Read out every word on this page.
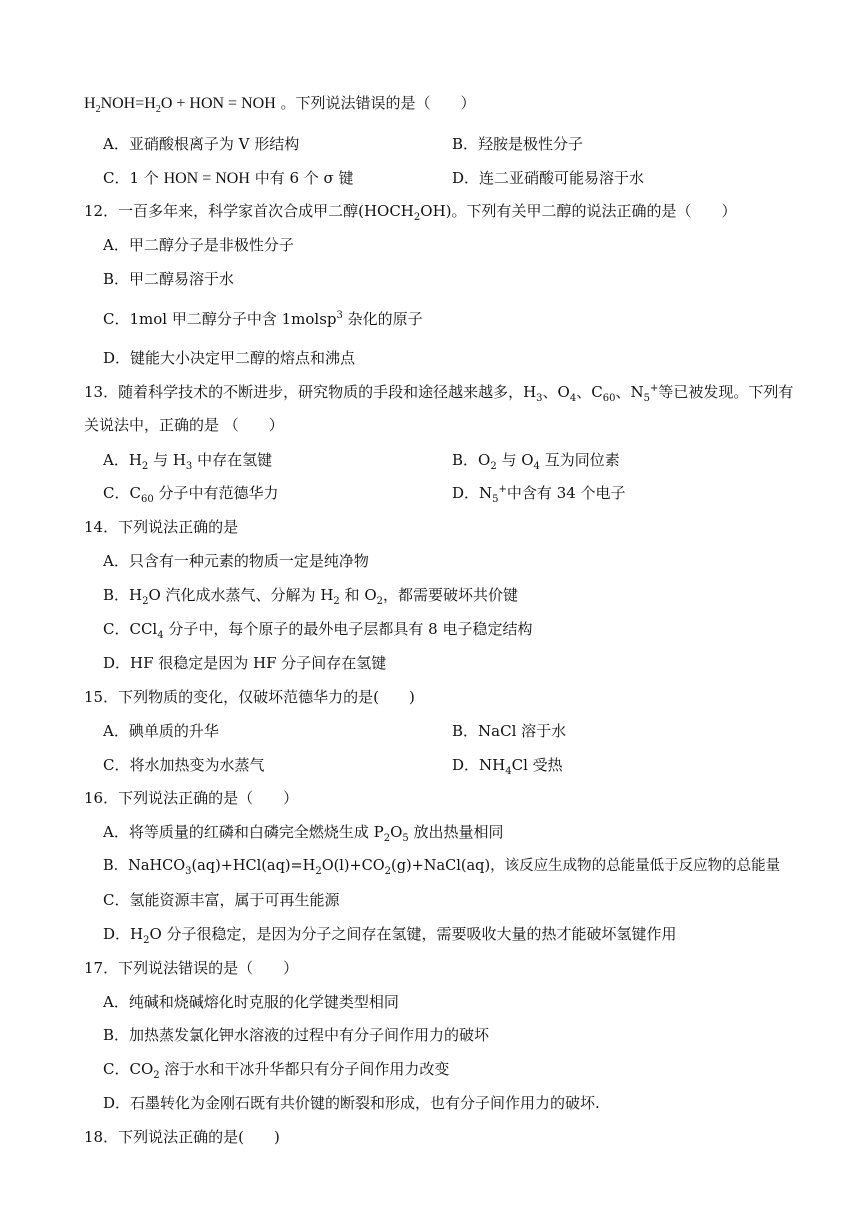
$H_2NOH=H_2O$ + HON = NOH 。下列说法错误的是（　　）
A．亚硝酸根离子为 V 形结构	B．羟胺是极性分子
C．1 个 HON = NOH 中有 6 个 σ 键	D．连二亚硝酸可能易溶于水
12．一百多年来，科学家首次合成甲二醇$(HOCH_2OH)$。下列有关甲二醇的说法正确的是（　　）
A．甲二醇分子是非极性分子
B．甲二醇易溶于水
C．1mol 甲二醇分子中含 1molsp$^3$ 杂化的原子
D．键能大小决定甲二醇的熔点和沸点
13．随着科学技术的不断进步，研究物质的手段和途径越来越多，$H_3$、$O_4$、$C_{60}$、$N_5^+$等已被发现。下列有
关说法中，正确的是 （　　）
A．$H_2$ 与 $H_3$ 中存在氢键	B．$O_2$ 与 $O_4$ 互为同位素
C．$C_{60}$ 分子中有范德华力	D．$N_5^+$中含有 34 个电子
14．下列说法正确的是
A．只含有一种元素的物质一定是纯净物
B．$H_2O$ 汽化成水蒸气、分解为 $H_2$ 和 $O_2$，都需要破坏共价键
C．CCl$_4$ 分子中，每个原子的最外电子层都具有 8 电子稳定结构
D．HF 很稳定是因为 HF 分子间存在氢键
15．下列物质的变化，仅破坏范德华力的是(　　)
A．碘单质的升华	B．NaCl 溶于水
C．将水加热变为水蒸气	D．$NH_4Cl$ 受热
16．下列说法正确的是（　　）
A．将等质量的红磷和白磷完全燃烧生成 $P_2O_5$ 放出热量相同
B．$NaHCO_3(aq)+HCl(aq)=H_2O(l)+CO_2(g)+NaCl(aq)$，该反应生成物的总能量低于反应物的总能量
C．氢能资源丰富，属于可再生能源
D．$H_2O$ 分子很稳定，是因为分子之间存在氢键，需要吸收大量的热才能破坏氢键作用
17．下列说法错误的是（　　）
A．纯碱和烧碱熔化时克服的化学键类型相同
B．加热蒸发氯化钾水溶液的过程中有分子间作用力的破坏
C．$CO_2$ 溶于水和干冰升华都只有分子间作用力改变
D．石墨转化为金刚石既有共价键的断裂和形成，也有分子间作用力的破坏.
18．下列说法正确的是(　　)
